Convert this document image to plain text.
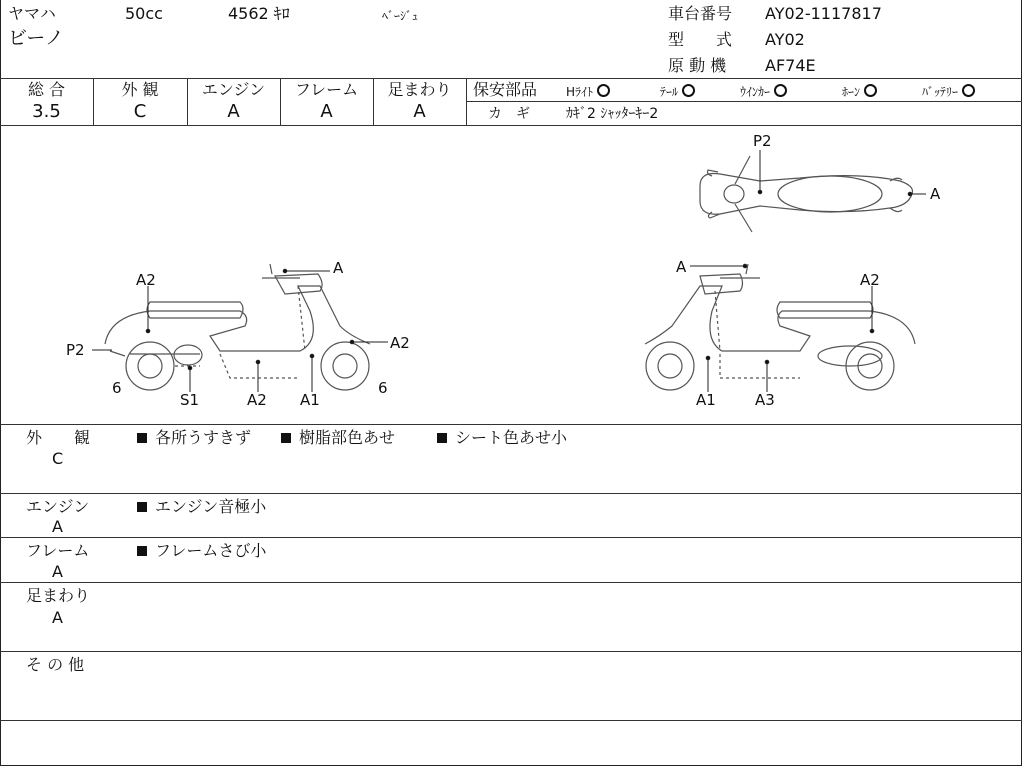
ヤマハ	50cc	4562 ｷﾛ	ﾍﾞｰｼﾞｭ
ビーノ
車台番号 AY02-1117817
型　　式 AY02
原 動 機 AF74E
総 合
3.5
外 観
C
エンジン
A
フレーム
A
足まわり
A
保安部品 Hﾗｲﾄ	ﾃｰﾙ	ｳｲﾝｶｰ	ﾎｰﾝ	ﾊﾞｯﾃﾘｰ
カ　ギ	ｶｷﾞ2 ｼｬｯﾀｰｷｰ2
P2
A
A
A2
A2
P2
6	6
S1	A2 A1
A
A2
A1	A3
外　　観
C
各所うすきず	樹脂部色あせ	シート色あせ小
エンジン
A
エンジン音極小
フレーム
A
フレームさび小
足まわり
A
そ の 他
